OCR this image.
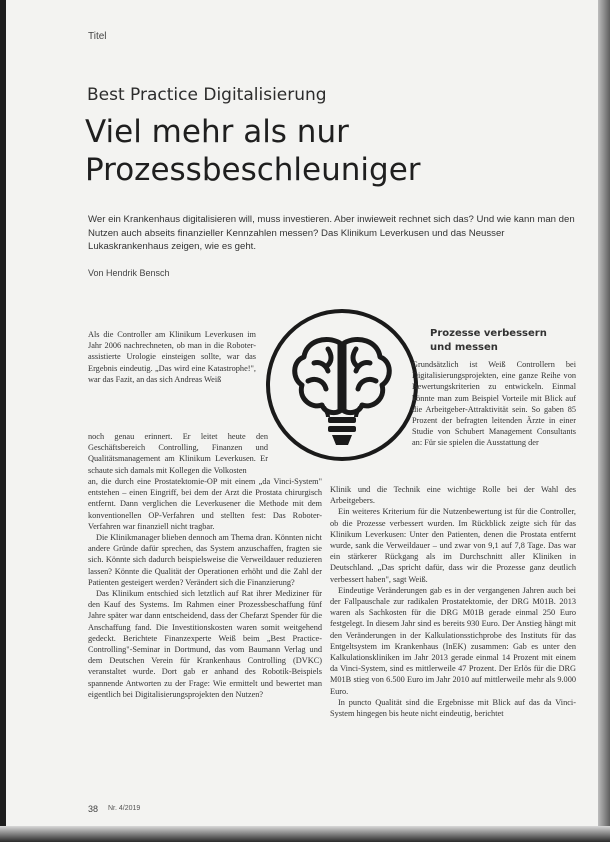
Titel
Best Practice Digitalisierung
Viel mehr als nur
Prozessbeschleuniger
Wer ein Krankenhaus digitalisieren will, muss investieren. Aber inwieweit rechnet sich das? Und wie kann man den Nutzen auch abseits finanzieller Kennzahlen messen? Das Klinikum Leverkusen und das Neusser Lukaskrankenhaus zeigen, wie es geht.
Von Hendrik Bensch

Als die Controller am Klinikum Leverkusen im Jahr 2006 nachrechneten, ob man in die Roboter-assistierte Urologie einsteigen sollte, war das Ergebnis eindeutig. „Das wird eine Katastrophe!", war das Fazit, an das sich Andreas Weiß

noch genau erinnert. Er leitet heute den Geschäftsbereich Controlling, Finanzen und Qualitätsmanagement am Klinikum Leverkusen. Er schaute sich damals mit Kollegen die Volkosten

an, die durch eine Prostatektomie-OP mit einem „da Vinci-System" entstehen – einen Eingriff, bei dem der Arzt die Prostata chirurgisch entfernt. Dann verglichen die Leverkusener die Methode mit dem konventionellen OP-Verfahren und stellten fest: Das Roboter-Verfahren war finanziell nicht tragbar.

Die Klinikmanager blieben dennoch am Thema dran. Könnten nicht andere Gründe dafür sprechen, das System anzuschaffen, fragten sie sich. Könnte sich dadurch beispielsweise die Verweildauer reduzieren lassen? Könnte die Qualität der Operationen erhöht und die Zahl der Patienten gesteigert werden? Verändert sich die Finanzierung?

Das Klinikum entschied sich letztlich auf Rat ihrer Mediziner für den Kauf des Systems. Im Rahmen einer Prozessbeschaffung fünf Jahre später war dann entscheidend, dass der Chefarzt Spender für die Anschaffung fand. Die Investitionskosten waren somit weitgehend gedeckt. Berichtete Finanzexperte Weiß beim „Best Practice-Controlling"-Seminar in Dortmund, das vom Baumann Verlag und dem Deutschen Verein für Krankenhaus Controlling (DVKC) veranstaltet wurde. Dort gab er anhand des Robotik-Beispiels spannende Antworten zu der Frage: Wie ermittelt und bewertet man eigentlich bei Digitalisierungsprojekten den Nutzen?

Prozesse verbessern und messen

Grundsätzlich ist Weiß Controllern bei Digitalisierungsprojekten, eine ganze Reihe von Bewertungskriterien zu entwickeln. Einmal könnte man zum Beispiel Vorteile mit Blick auf die Arbeitgeber-Attraktivität sein. So gaben 85 Prozent der befragten leitenden Ärzte in einer Studie von Schubert Management Consultants an: Für sie spielen die Ausstattung der

Klinik und die Technik eine wichtige Rolle bei der Wahl des Arbeitgebers.

Ein weiteres Kriterium für die Nutzenbewertung ist für die Controller, ob die Prozesse verbessert wurden. Im Rückblick zeigte sich für das Klinikum Leverkusen: Unter den Patienten, denen die Prostata entfernt wurde, sank die Verweildauer – und zwar von 9,1 auf 7,8 Tage. Das war ein stärkerer Rückgang als im Durchschnitt aller Kliniken in Deutschland. „Das spricht dafür, dass wir die Prozesse ganz deutlich verbessert haben", sagt Weiß.

Eindeutige Veränderungen gab es in der vergangenen Jahren auch bei der Fallpauschale zur radikalen Prostatektomie, der DRG M01B. 2013 waren als Sachkosten für die DRG M01B gerade einmal 250 Euro festgelegt. In diesem Jahr sind es bereits 930 Euro. Der Anstieg hängt mit den Veränderungen in der Kalkulationsstichprobe des Instituts für das Entgeltsystem im Krankenhaus (InEK) zusammen: Gab es unter den Kalkulationskliniken im Jahr 2013 gerade einmal 14 Prozent mit einem da Vinci-System, sind es mittlerweile 47 Prozent. Der Erlös für die DRG M01B stieg von 6.500 Euro im Jahr 2010 auf mittlerweile mehr als 9.000 Euro.

In puncto Qualität sind die Ergebnisse mit Blick auf das da Vinci-System hingegen bis heute nicht eindeutig, berichtet

38 Nr. 4/2019
